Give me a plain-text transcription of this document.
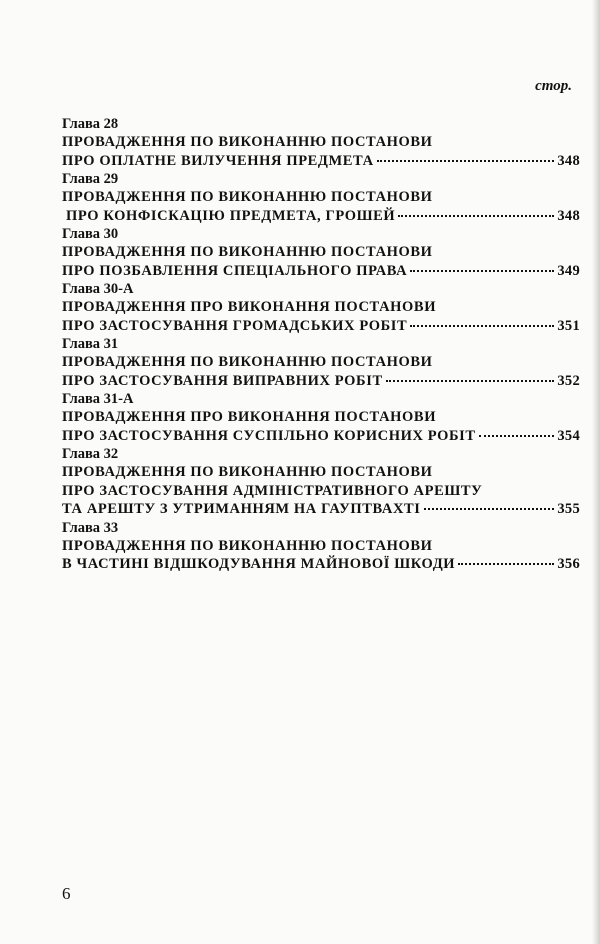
стор.
Глава 28
ПРОВАДЖЕННЯ ПО ВИКОНАННЮ ПОСТАНОВИ
ПРО ОПЛАТНЕ ВИЛУЧЕННЯ ПРЕДМЕТА	348
Глава 29
ПРОВАДЖЕННЯ ПО ВИКОНАННЮ ПОСТАНОВИ
ПРО КОНФІСКАЦІЮ ПРЕДМЕТА, ГРОШЕЙ	348
Глава 30
ПРОВАДЖЕННЯ ПО ВИКОНАННЮ ПОСТАНОВИ
ПРО ПОЗБАВЛЕННЯ СПЕЦІАЛЬНОГО ПРАВА	349
Глава 30-А
ПРОВАДЖЕННЯ ПРО ВИКОНАННЯ ПОСТАНОВИ
ПРО ЗАСТОСУВАННЯ ГРОМАДСЬКИХ РОБІТ	351
Глава 31
ПРОВАДЖЕННЯ ПО ВИКОНАННЮ ПОСТАНОВИ
ПРО ЗАСТОСУВАННЯ ВИПРАВНИХ РОБІТ	352
Глава 31-А
ПРОВАДЖЕННЯ ПРО ВИКОНАННЯ ПОСТАНОВИ
ПРО ЗАСТОСУВАННЯ СУСПІЛЬНО КОРИСНИХ РОБІТ	354
Глава 32
ПРОВАДЖЕННЯ ПО ВИКОНАННЮ ПОСТАНОВИ
ПРО ЗАСТОСУВАННЯ АДМІНІСТРАТИВНОГО АРЕШТУ
ТА АРЕШТУ З УТРИМАННЯМ НА ГАУПТВАХТІ	355
Глава 33
ПРОВАДЖЕННЯ ПО ВИКОНАННЮ ПОСТАНОВИ
В ЧАСТИНІ ВІДШКОДУВАННЯ МАЙНОВОЇ ШКОДИ	356
6
